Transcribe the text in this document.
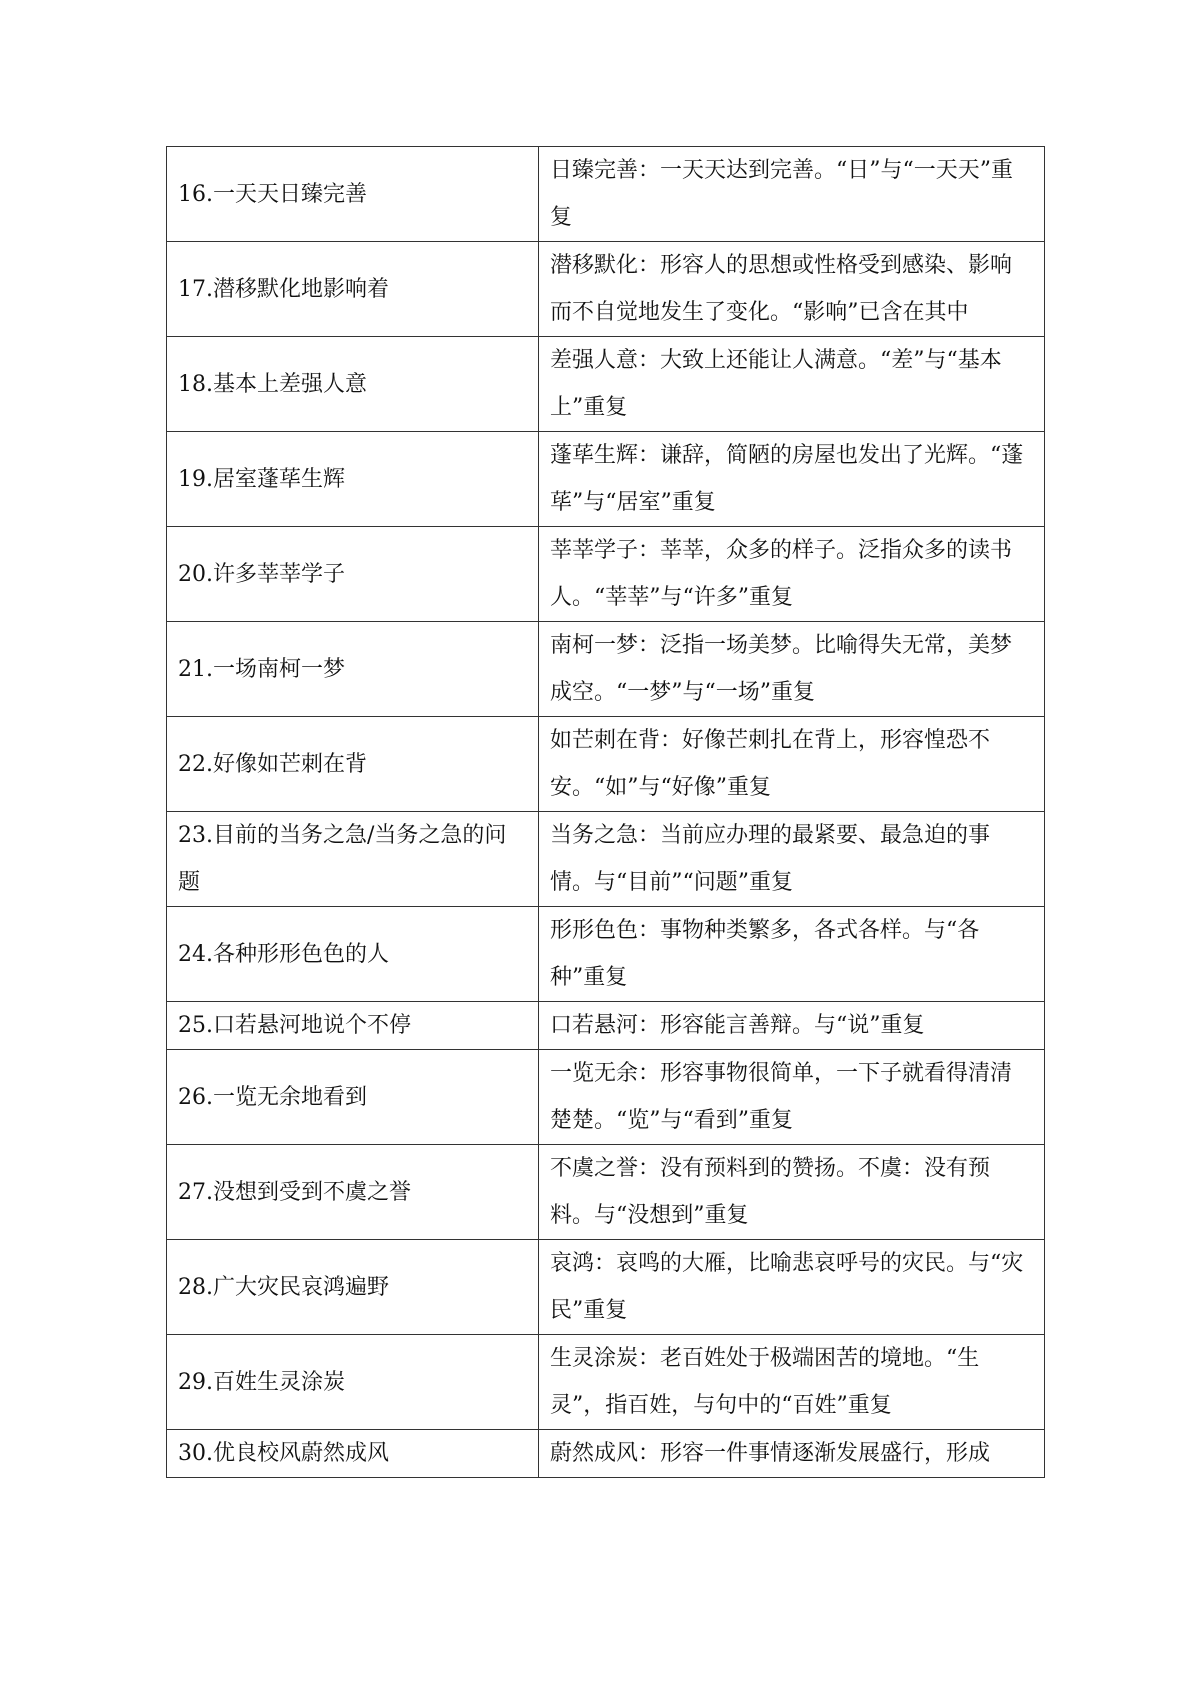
16.一天天日臻完善	日臻完善：一天天达到完善。“日”与“一天天”重复
17.潜移默化地影响着	潜移默化：形容人的思想或性格受到感染、影响而不自觉地发生了变化。“影响”已含在其中
18.基本上差强人意	差强人意：大致上还能让人满意。“差”与“基本上”重复
19.居室蓬荜生辉	蓬荜生辉：谦辞，简陋的房屋也发出了光辉。“蓬荜”与“居室”重复
20.许多莘莘学子	莘莘学子：莘莘，众多的样子。泛指众多的读书人。“莘莘”与“许多”重复
21.一场南柯一梦	南柯一梦：泛指一场美梦。比喻得失无常，美梦成空。“一梦”与“一场”重复
22.好像如芒刺在背	如芒刺在背：好像芒刺扎在背上，形容惶恐不安。“如”与“好像”重复
23.目前的当务之急/当务之急的问题	当务之急：当前应办理的最紧要、最急迫的事情。与“目前”“问题”重复
24.各种形形色色的人	形形色色：事物种类繁多，各式各样。与“各种”重复
25.口若悬河地说个不停	口若悬河：形容能言善辩。与“说”重复
26.一览无余地看到	一览无余：形容事物很简单，一下子就看得清清楚楚。“览”与“看到”重复
27.没想到受到不虞之誉	不虞之誉：没有预料到的赞扬。不虞：没有预料。与“没想到”重复
28.广大灾民哀鸿遍野	哀鸿：哀鸣的大雁，比喻悲哀呼号的灾民。与“灾民”重复
29.百姓生灵涂炭	生灵涂炭：老百姓处于极端困苦的境地。“生灵”，指百姓，与句中的“百姓”重复
30.优良校风蔚然成风	蔚然成风：形容一件事情逐渐发展盛行，形成
